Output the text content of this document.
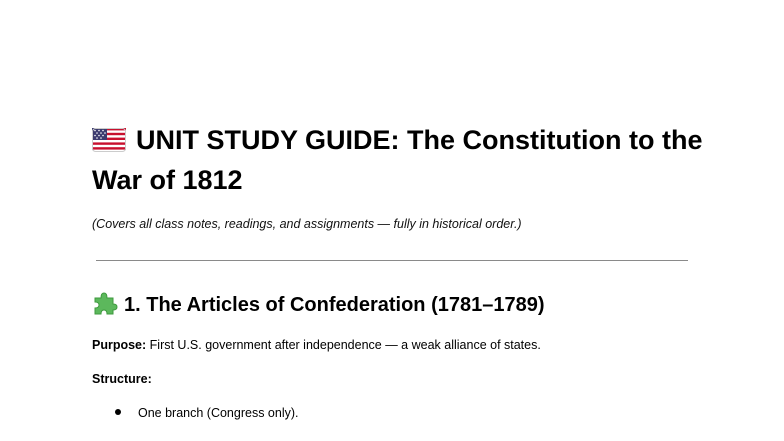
UNIT STUDY GUIDE: The Constitution to the War of 1812

(Covers all class notes, readings, and assignments — fully in historical order.)

1. The Articles of Confederation (1781–1789)

Purpose: First U.S. government after independence — a weak alliance of states.

Structure:

One branch (Congress only).
